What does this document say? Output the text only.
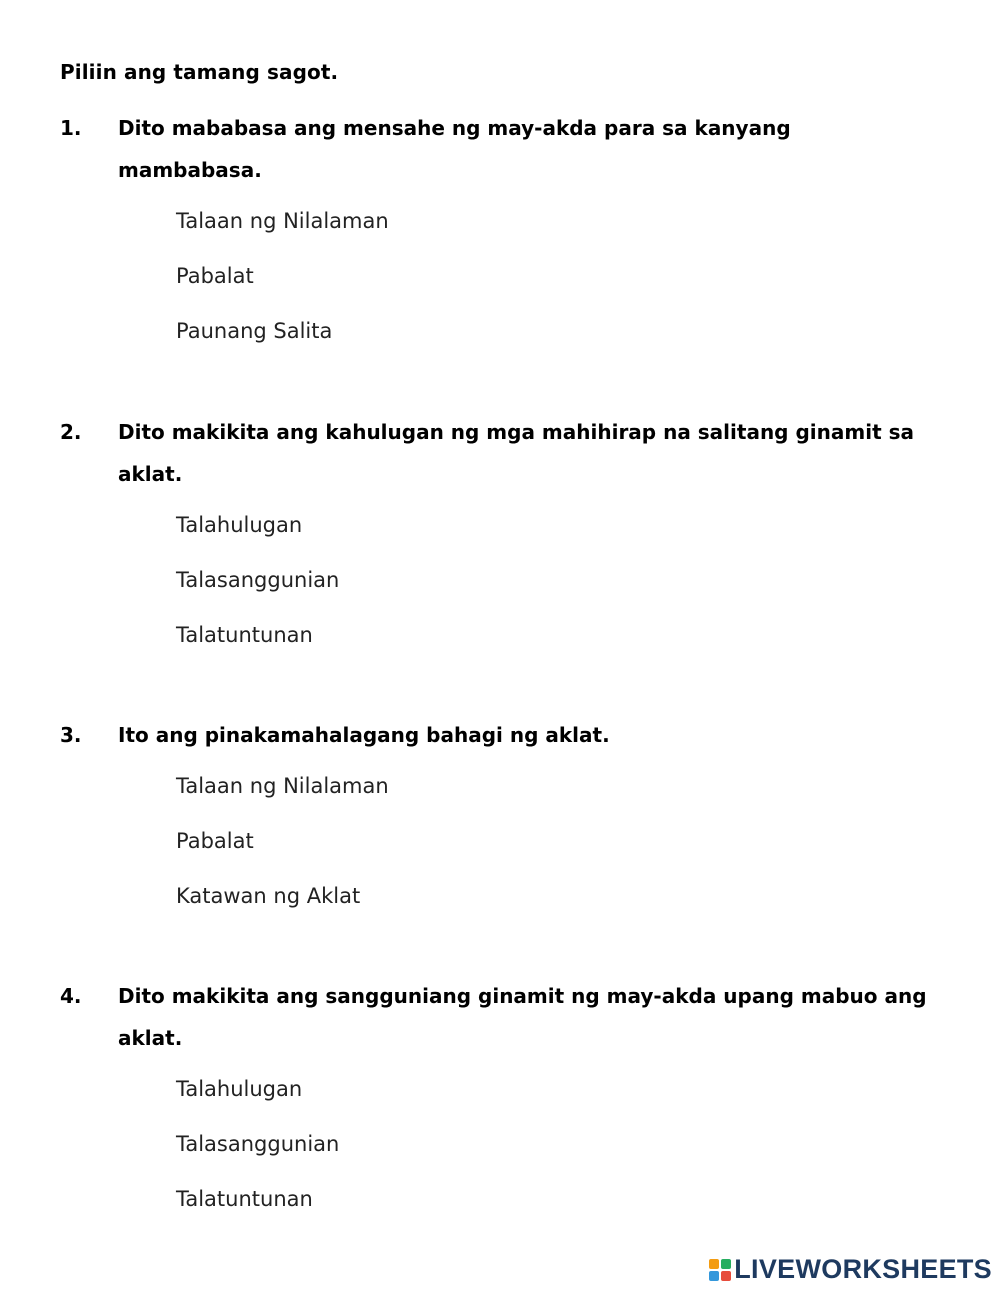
Piliin ang tamang sagot.
1.	Dito mababasa ang mensahe ng may-akda para sa kanyang mambabasa.
Talaan ng Nilalaman
Pabalat
Paunang Salita
2.	Dito makikita ang kahulugan ng mga mahihirap na salitang ginamit sa aklat.
Talahulugan
Talasanggunian
Talatuntunan
3.	Ito ang pinakamahalagang bahagi ng aklat.
Talaan ng Nilalaman
Pabalat
Katawan ng Aklat
4.	Dito makikita ang sangguniang ginamit ng may-akda upang mabuo ang aklat.
Talahulugan
Talasanggunian
Talatuntunan
LIVEWORKSHEETS
